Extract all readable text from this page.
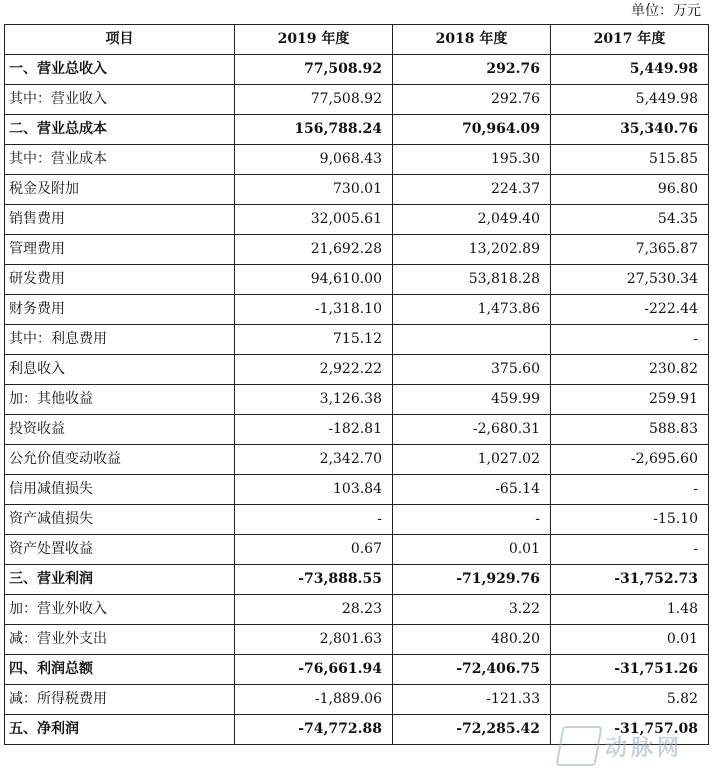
单位：万元
项目	2019 年度	2018 年度	2017 年度
一、营业总收入	77,508.92	292.76	5,449.98
其中：营业收入	77,508.92	292.76	5,449.98
二、营业总成本	156,788.24	70,964.09	35,340.76
其中：营业成本	9,068.43	195.30	515.85
税金及附加	730.01	224.37	96.80
销售费用	32,005.61	2,049.40	54.35
管理费用	21,692.28	13,202.89	7,365.87
研发费用	94,610.00	53,818.28	27,530.34
财务费用	-1,318.10	1,473.86	-222.44
其中：利息费用	715.12		-
利息收入	2,922.22	375.60	230.82
加：其他收益	3,126.38	459.99	259.91
投资收益	-182.81	-2,680.31	588.83
公允价值变动收益	2,342.70	1,027.02	-2,695.60
信用减值损失	103.84	-65.14	-
资产减值损失	-	-	-15.10
资产处置收益	0.67	0.01	-
三、营业利润	-73,888.55	-71,929.76	-31,752.73
加：营业外收入	28.23	3.22	1.48
减：营业外支出	2,801.63	480.20	0.01
四、利润总额	-76,661.94	-72,406.75	-31,751.26
减：所得税费用	-1,889.06	-121.33	5.82
五、净利润	-74,772.88	-72,285.42	-31,757.08
动脉网
